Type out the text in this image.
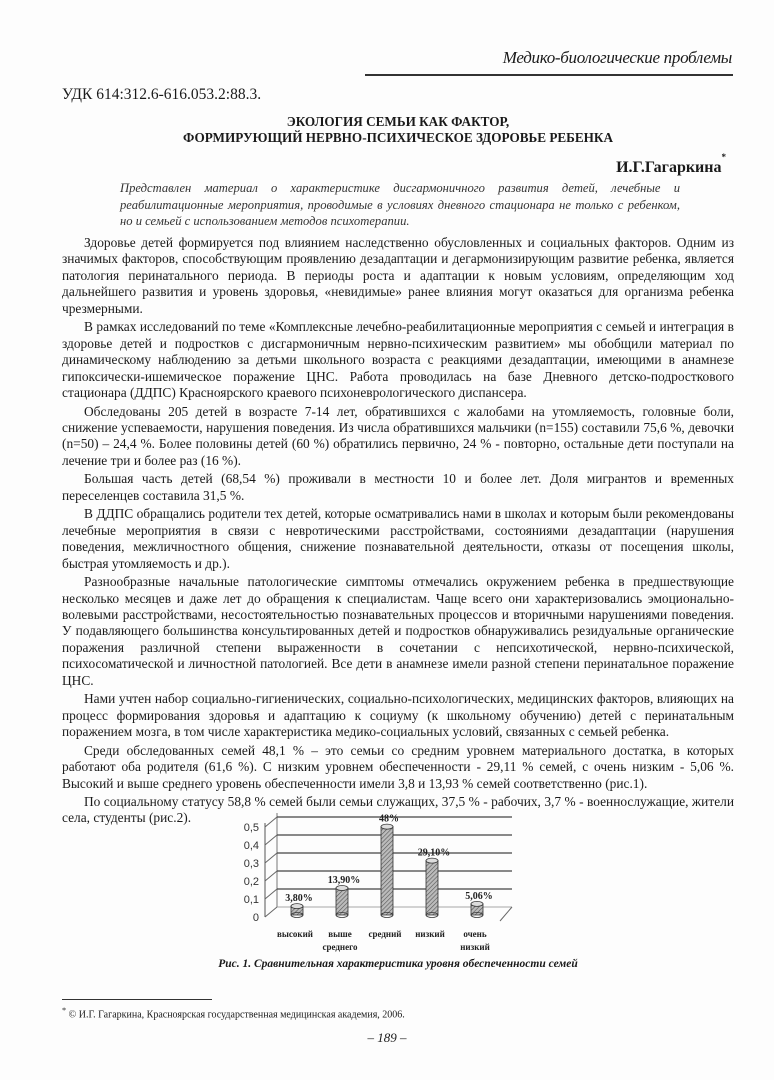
Медико-биологические проблемы
УДК 614:312.6-616.053.2:88.3.
ЭКОЛОГИЯ СЕМЬИ КАК ФАКТОР,
ФОРМИРУЮЩИЙ НЕРВНО-ПСИХИЧЕСКОЕ ЗДОРОВЬЕ РЕБЕНКА
И.Г.Гагаркина*
Представлен материал о характеристике дисгармоничного развития детей, лечебные и реабилитационные мероприятия, проводимые в условиях дневного стационара не только с ребенком, но и семьей с использованием методов психотерапии.

Здоровье детей формируется под влиянием наследственно обусловленных и социальных факторов. Одним из значимых факторов, способствующим проявлению дезадаптации и дегармонизирующим развитие ребенка, является патология перинатального периода. В периоды роста и адаптации к новым условиям, определяющим ход дальнейшего развития и уровень здоровья, «невидимые» ранее влияния могут оказаться для организма ребенка чрезмерными.

В рамках исследований по теме «Комплексные лечебно-реабилитационные мероприятия с семьей и интеграция в здоровье детей и подростков с дисгармоничным нервно-психическим развитием» мы обобщили материал по динамическому наблюдению за детьми школьного возраста с реакциями дезадаптации, имеющими в анамнезе гипоксически-ишемическое поражение ЦНС. Работа проводилась на базе Дневного детско-подросткового стационара (ДДПС) Красноярского краевого психоневрологического диспансера.

Обследованы 205 детей в возрасте 7-14 лет, обратившихся с жалобами на утомляемость, головные боли, снижение успеваемости, нарушения поведения. Из числа обратившихся мальчики (n=155) составили 75,6 %, девочки (n=50) – 24,4 %. Более половины детей (60 %) обратились первично, 24 % - повторно, остальные дети поступали на лечение три и более раз (16 %).

Большая часть детей (68,54 %) проживали в местности 10 и более лет. Доля мигрантов и временных переселенцев составила 31,5 %.

В ДДПС обращались родители тех детей, которые осматривались нами в школах и которым были рекомендованы лечебные мероприятия в связи с невротическими расстройствами, состояниями дезадаптации (нарушения поведения, межличностного общения, снижение познавательной деятельности, отказы от посещения школы, быстрая утомляемость и др.).

Разнообразные начальные патологические симптомы отмечались окружением ребенка в предшествующие несколько месяцев и даже лет до обращения к специалистам. Чаще всего они характеризовались эмоционально-волевыми расстройствами, несостоятельностью познавательных процессов и вторичными нарушениями поведения. У подавляющего большинства консультированных детей и подростков обнаруживались резидуальные органические поражения различной степени выраженности в сочетании с непсихотической, нервно-психической, психосоматической и личностной патологией. Все дети в анамнезе имели разной степени перинатальное поражение ЦНС.

Нами учтен набор социально-гигиенических, социально-психологических, медицинских факторов, влияющих на процесс формирования здоровья и адаптацию к социуму (к школьному обучению) детей с перинатальным поражением мозга, в том числе характеристика медико-социальных условий, связанных с семьей ребенка.

Среди обследованных семей 48,1 % – это семьи со средним уровнем материального достатка, в которых работают оба родителя (61,6 %). С низким уровнем обеспеченности - 29,11 % семей, с очень низким - 5,06 %. Высокий и выше среднего уровень обеспеченности имели 3,8 и 13,93 % семей соответственно (рис.1).

По социальному статусу 58,8 % семей были семьи служащих, 37,5 % - рабочих, 3,7 % - военнослужащие, жители села, студенты (рис.2).

0
0,1
0,2
0,3
0,4
0,5
3,80%
высокий
13,90%
выше
среднего
48%
средний
29,10%
низкий
5,06%
очень
низкий
Рис. 1. Сравнительная характеристика уровня обеспеченности семей
* © И.Г. Гагаркина, Красноярская государственная медицинская академия, 2006.
– 189 –
